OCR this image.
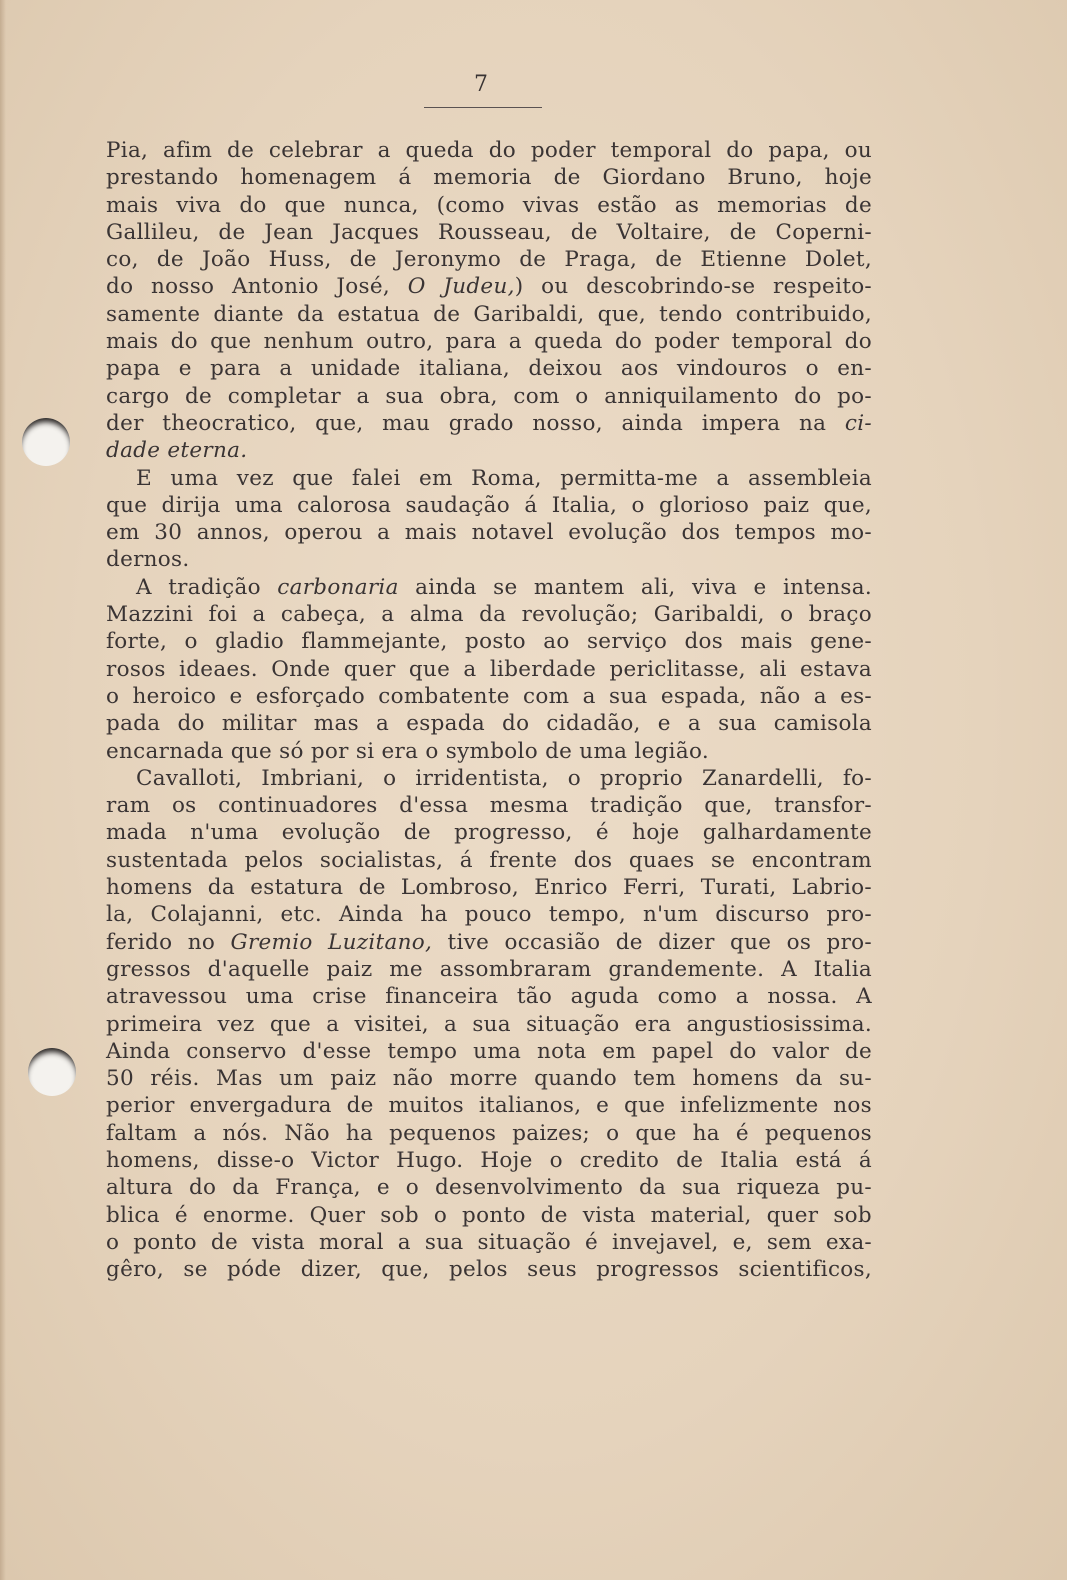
7
Pia, afim de celebrar a queda do poder temporal do papa, ou
prestando homenagem á memoria de Giordano Bruno, hoje
mais viva do que nunca, (como vivas estão as memorias de
Gallileu, de Jean Jacques Rousseau, de Voltaire, de Coperni-
co, de João Huss, de Jeronymo de Praga, de Etienne Dolet,
do nosso Antonio José, O Judeu,) ou descobrindo-se respeito-
samente diante da estatua de Garibaldi, que, tendo contribuido,
mais do que nenhum outro, para a queda do poder temporal do
papa e para a unidade italiana, deixou aos vindouros o en-
cargo de completar a sua obra, com o anniquilamento do po-
der theocratico, que, mau grado nosso, ainda impera na ci-
dade eterna.
E uma vez que falei em Roma, permitta-me a assembleia
que dirija uma calorosa saudação á Italia, o glorioso paiz que,
em 30 annos, operou a mais notavel evolução dos tempos mo-
dernos.
A tradição carbonaria ainda se mantem ali, viva e intensa.
Mazzini foi a cabeça, a alma da revolução; Garibaldi, o braço
forte, o gladio flammejante, posto ao serviço dos mais gene-
rosos ideaes. Onde quer que a liberdade periclitasse, ali estava
o heroico e esforçado combatente com a sua espada, não a es-
pada do militar mas a espada do cidadão, e a sua camisola
encarnada que só por si era o symbolo de uma legião.
Cavalloti, Imbriani, o irridentista, o proprio Zanardelli, fo-
ram os continuadores d'essa mesma tradição que, transfor-
mada n'uma evolução de progresso, é hoje galhardamente
sustentada pelos socialistas, á frente dos quaes se encontram
homens da estatura de Lombroso, Enrico Ferri, Turati, Labrio-
la, Colajanni, etc. Ainda ha pouco tempo, n'um discurso pro-
ferido no Gremio Luzitano, tive occasião de dizer que os pro-
gressos d'aquelle paiz me assombraram grandemente. A Italia
atravessou uma crise financeira tão aguda como a nossa. A
primeira vez que a visitei, a sua situação era angustiosissima.
Ainda conservo d'esse tempo uma nota em papel do valor de
50 réis. Mas um paiz não morre quando tem homens da su-
perior envergadura de muitos italianos, e que infelizmente nos
faltam a nós. Não ha pequenos paizes; o que ha é pequenos
homens, disse-o Victor Hugo. Hoje o credito de Italia está á
altura do da França, e o desenvolvimento da sua riqueza pu-
blica é enorme. Quer sob o ponto de vista material, quer sob
o ponto de vista moral a sua situação é invejavel, e, sem exa-
gêro, se póde dizer, que, pelos seus progressos scientificos,
